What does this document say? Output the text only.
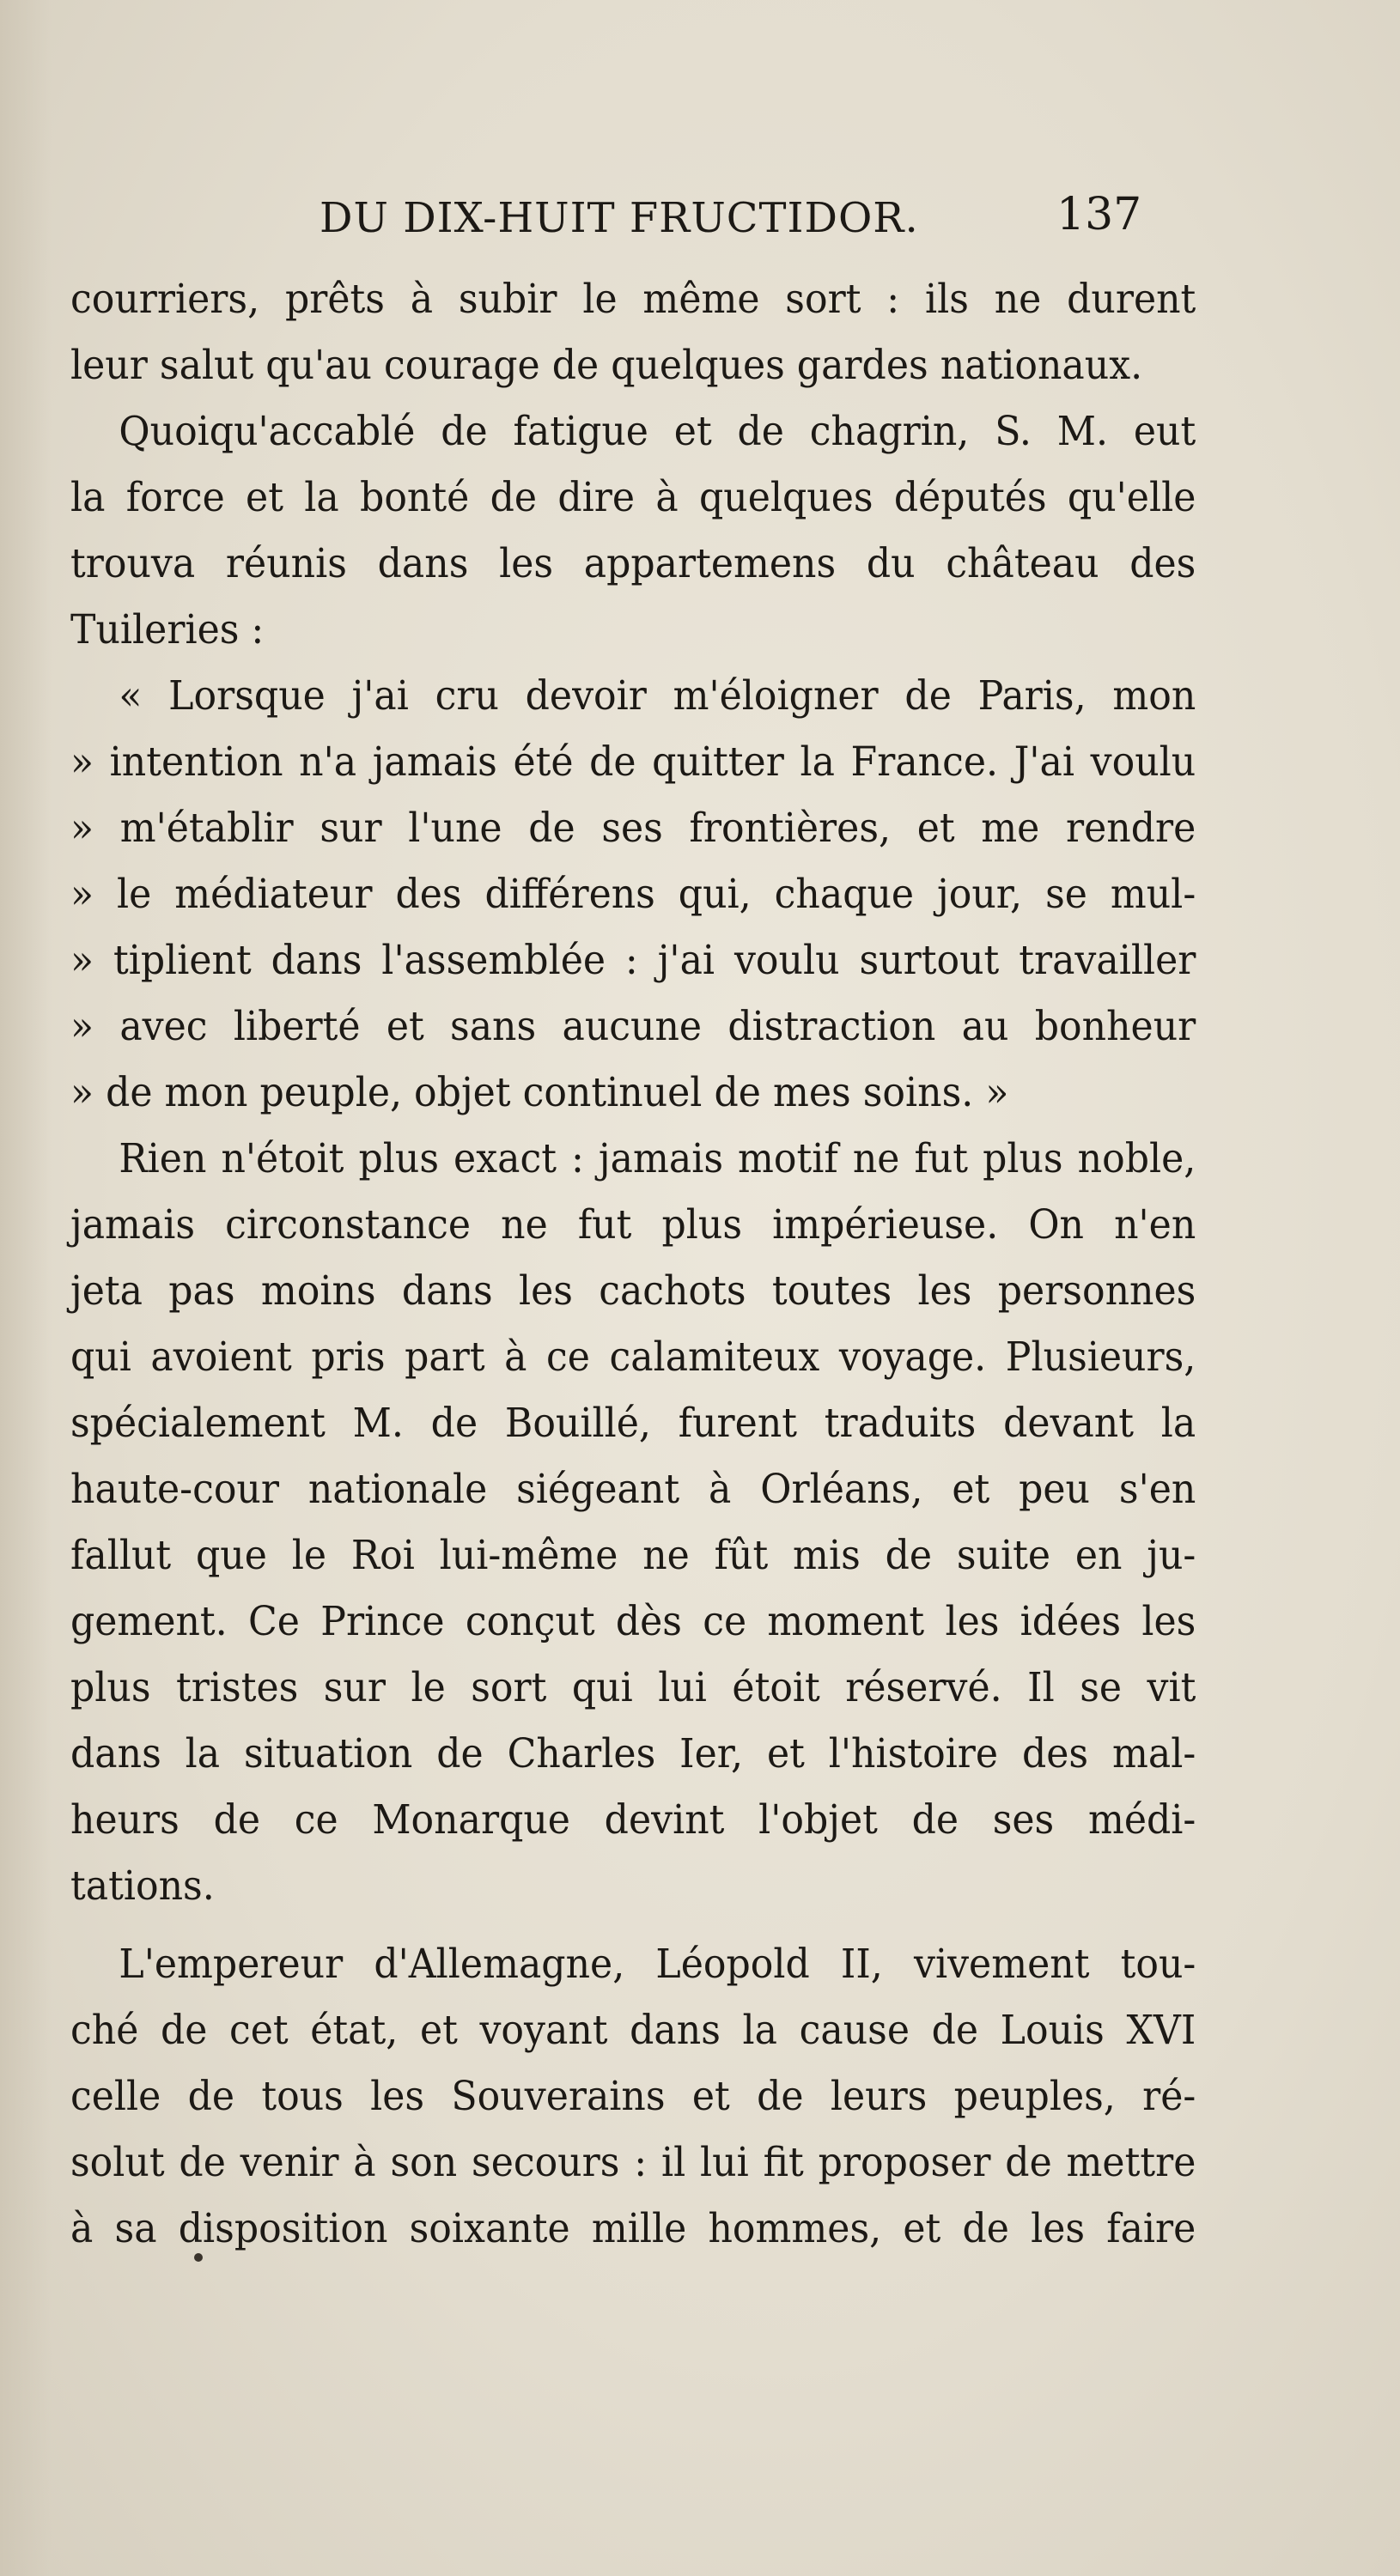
DU DIX-HUIT FRUCTIDOR.	137
courriers, prêts à subir le même sort : ils ne durent
leur salut qu'au courage de quelques gardes nationaux.
Quoiqu'accablé de fatigue et de chagrin, S. M. eut
la force et la bonté de dire à quelques députés qu'elle
trouva réunis dans les appartemens du château des
Tuileries :
« Lorsque j'ai cru devoir m'éloigner de Paris, mon
» intention n'a jamais été de quitter la France. J'ai voulu
» m'établir sur l'une de ses frontières, et me rendre
» le médiateur des différens qui, chaque jour, se mul-
» tiplient dans l'assemblée : j'ai voulu surtout travailler
» avec liberté et sans aucune distraction au bonheur
» de mon peuple, objet continuel de mes soins. »
Rien n'étoit plus exact : jamais motif ne fut plus noble,
jamais circonstance ne fut plus impérieuse. On n'en
jeta pas moins dans les cachots toutes les personnes
qui avoient pris part à ce calamiteux voyage. Plusieurs,
spécialement M. de Bouillé, furent traduits devant la
haute-cour nationale siégeant à Orléans, et peu s'en
fallut que le Roi lui-même ne fût mis de suite en ju-
gement. Ce Prince conçut dès ce moment les idées les
plus tristes sur le sort qui lui étoit réservé. Il se vit
dans la situation de Charles Ier, et l'histoire des mal-
heurs de ce Monarque devint l'objet de ses médi-
tations.
L'empereur d'Allemagne, Léopold II, vivement tou-
ché de cet état, et voyant dans la cause de Louis XVI
celle de tous les Souverains et de leurs peuples, ré-
solut de venir à son secours : il lui fit proposer de mettre
à sa disposition soixante mille hommes, et de les faire
